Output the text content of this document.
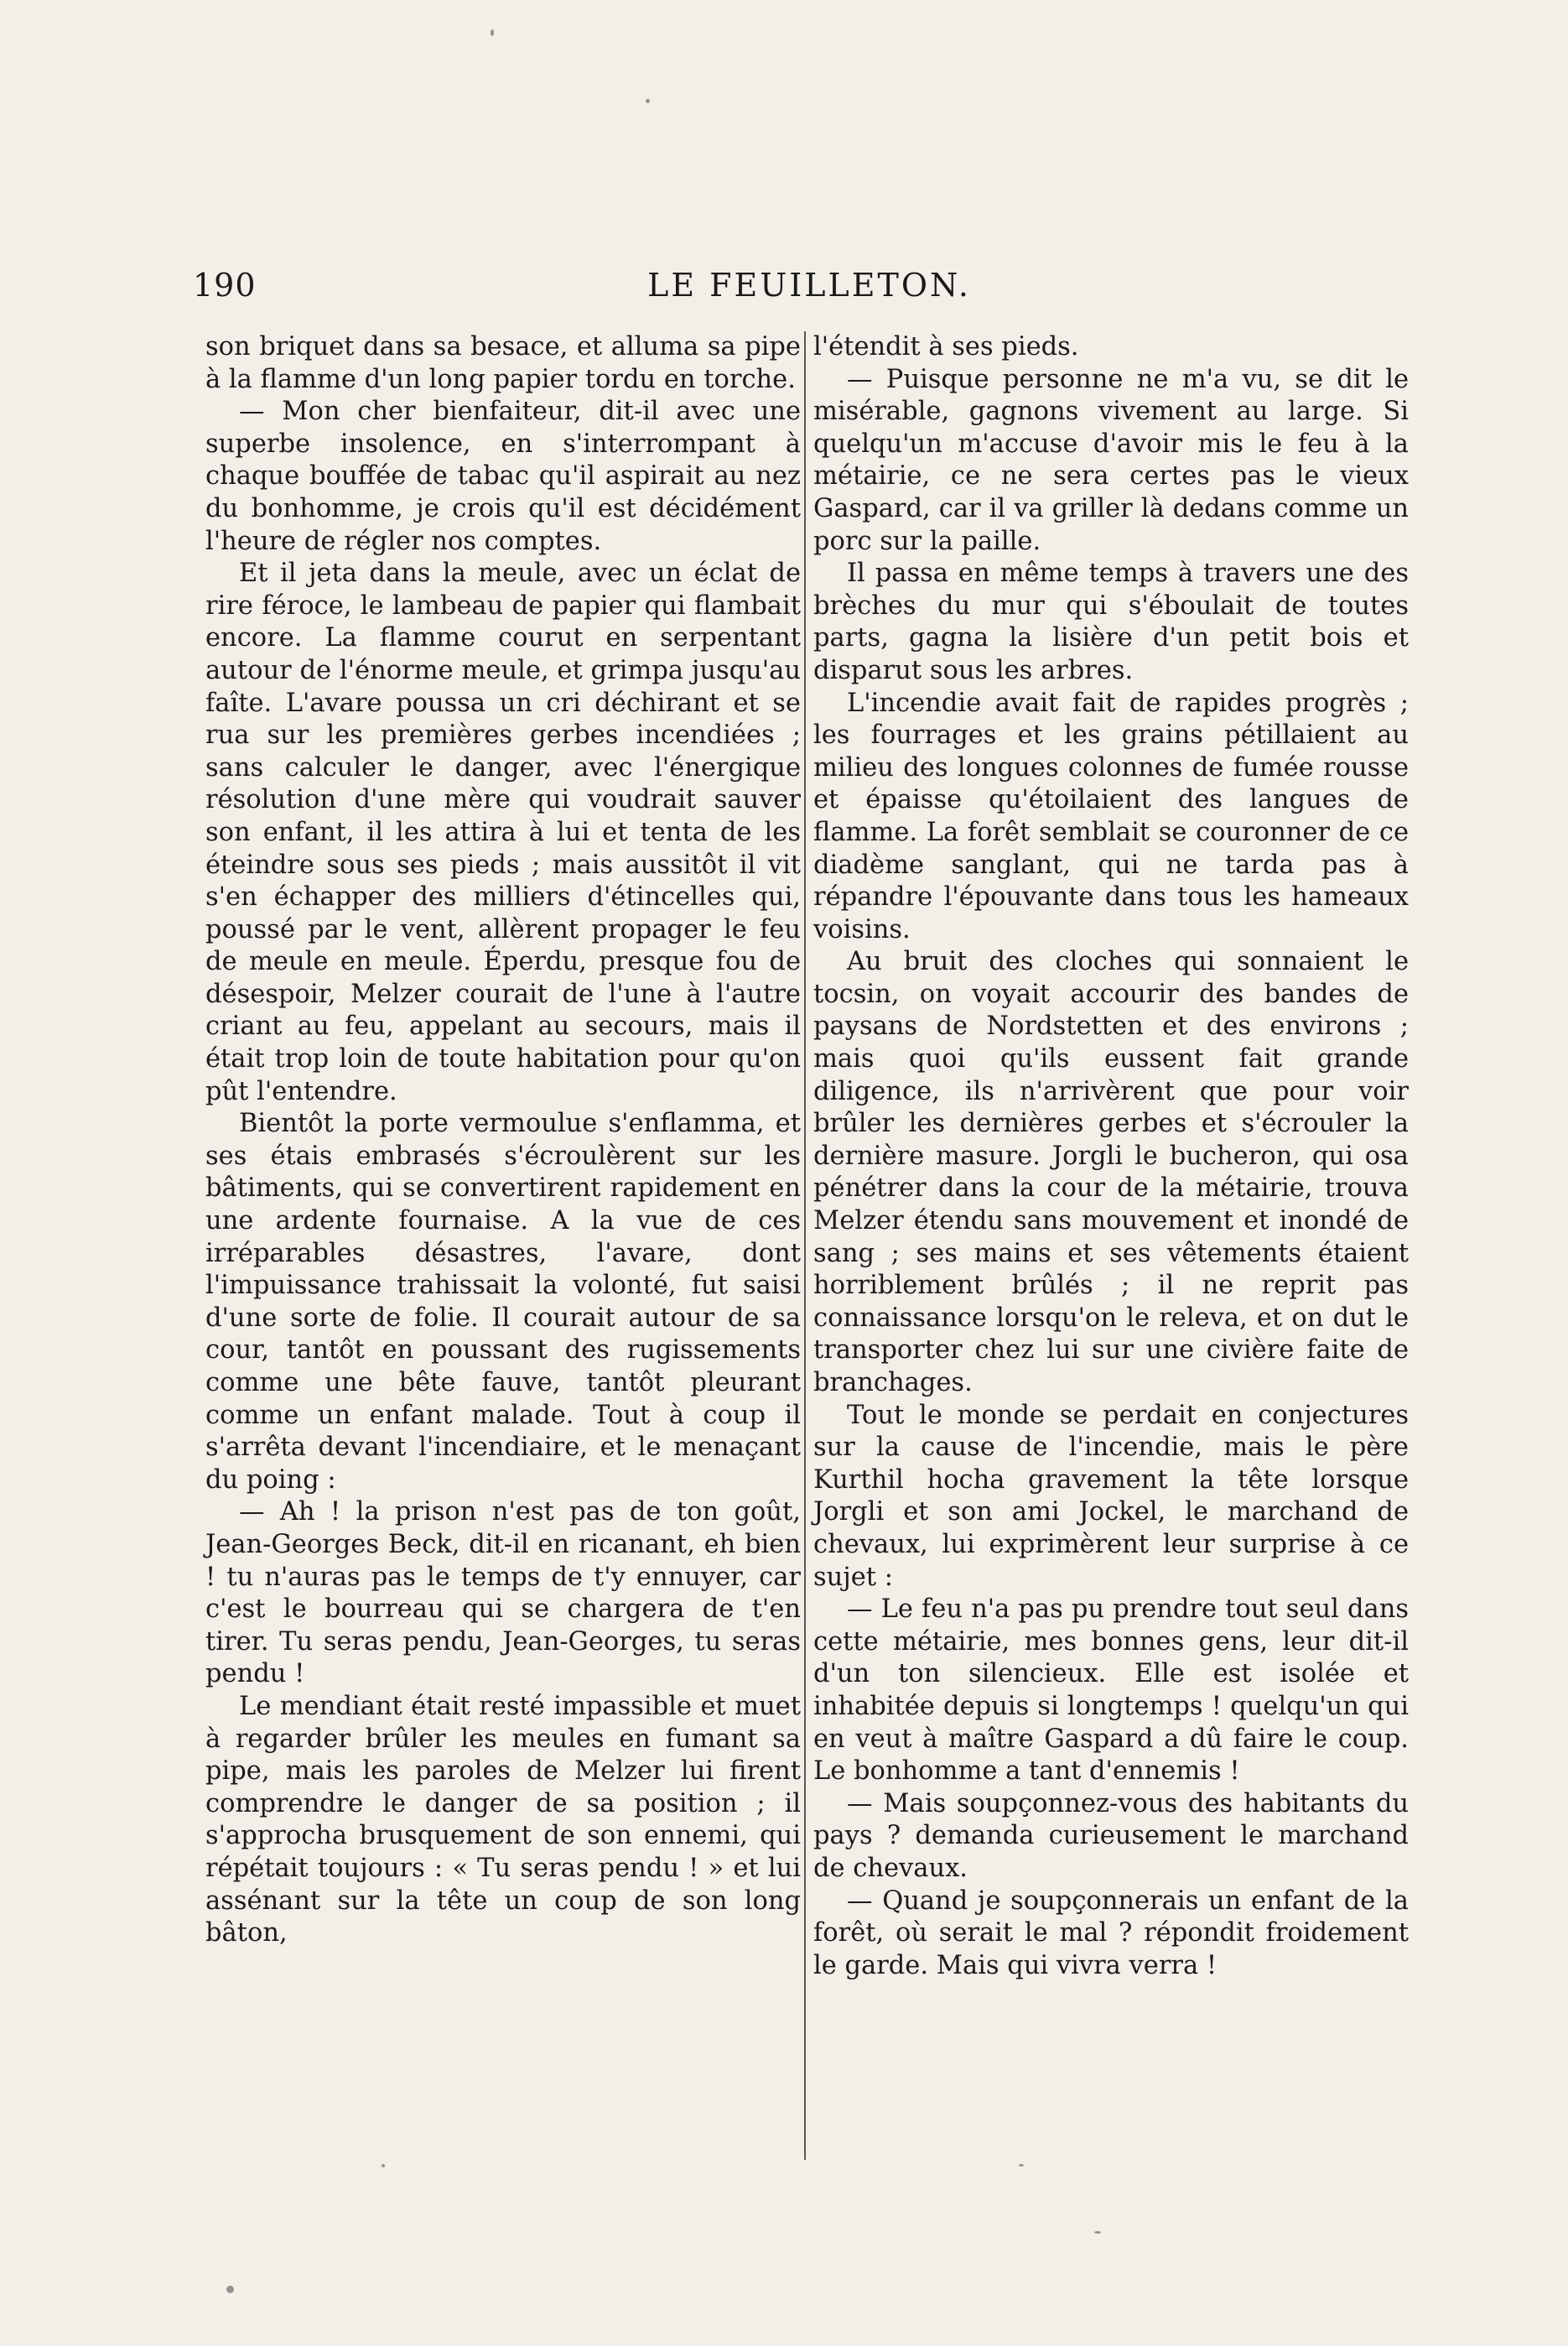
190	LE FEUILLETON.

son briquet dans sa besace, et alluma sa pipe à la flamme d'un long papier tordu en torche.

— Mon cher bienfaiteur, dit-il avec une superbe insolence, en s'interrompant à chaque bouffée de tabac qu'il aspirait au nez du bonhomme, je crois qu'il est décidément l'heure de régler nos comptes.

Et il jeta dans la meule, avec un éclat de rire féroce, le lambeau de papier qui flambait encore. La flamme courut en serpentant autour de l'énorme meule, et grimpa jusqu'au faîte. L'avare poussa un cri déchirant et se rua sur les premières gerbes incendiées ; sans calculer le danger, avec l'énergique résolution d'une mère qui voudrait sauver son enfant, il les attira à lui et tenta de les éteindre sous ses pieds ; mais aussitôt il vit s'en échapper des milliers d'étincelles qui, poussé par le vent, allèrent propager le feu de meule en meule. Éperdu, presque fou de désespoir, Melzer courait de l'une à l'autre criant au feu, appelant au secours, mais il était trop loin de toute habitation pour qu'on pût l'entendre.

Bientôt la porte vermoulue s'enflamma, et ses étais embrasés s'écroulèrent sur les bâtiments, qui se convertirent rapidement en une ardente fournaise. A la vue de ces irréparables désastres, l'avare, dont l'impuissance trahissait la volonté, fut saisi d'une sorte de folie. Il courait autour de sa cour, tantôt en poussant des rugissements comme une bête fauve, tantôt pleurant comme un enfant malade. Tout à coup il s'arrêta devant l'incendiaire, et le menaçant du poing :

— Ah ! la prison n'est pas de ton goût, Jean-Georges Beck, dit-il en ricanant, eh bien ! tu n'auras pas le temps de t'y ennuyer, car c'est le bourreau qui se chargera de t'en tirer. Tu seras pendu, Jean-Georges, tu seras pendu !

Le mendiant était resté impassible et muet à regarder brûler les meules en fumant sa pipe, mais les paroles de Melzer lui firent comprendre le danger de sa position ; il s'approcha brusquement de son ennemi, qui répétait toujours : « Tu seras pendu ! » et lui assénant sur la tête un coup de son long bâton,

l'étendit à ses pieds.

— Puisque personne ne m'a vu, se dit le misérable, gagnons vivement au large. Si quelqu'un m'accuse d'avoir mis le feu à la métairie, ce ne sera certes pas le vieux Gaspard, car il va griller là dedans comme un porc sur la paille.

Il passa en même temps à travers une des brèches du mur qui s'éboulait de toutes parts, gagna la lisière d'un petit bois et disparut sous les arbres.

L'incendie avait fait de rapides progrès ; les fourrages et les grains pétillaient au milieu des longues colonnes de fumée rousse et épaisse qu'étoilaient des langues de flamme. La forêt semblait se couronner de ce diadème sanglant, qui ne tarda pas à répandre l'épouvante dans tous les hameaux voisins.

Au bruit des cloches qui sonnaient le tocsin, on voyait accourir des bandes de paysans de Nordstetten et des environs ; mais quoi qu'ils eussent fait grande diligence, ils n'arrivèrent que pour voir brûler les dernières gerbes et s'écrouler la dernière masure. Jorgli le bucheron, qui osa pénétrer dans la cour de la métairie, trouva Melzer étendu sans mouvement et inondé de sang ; ses mains et ses vêtements étaient horriblement brûlés ; il ne reprit pas connaissance lorsqu'on le releva, et on dut le transporter chez lui sur une civière faite de branchages.

Tout le monde se perdait en conjectures sur la cause de l'incendie, mais le père Kurthil hocha gravement la tête lorsque Jorgli et son ami Jockel, le marchand de chevaux, lui exprimèrent leur surprise à ce sujet :

— Le feu n'a pas pu prendre tout seul dans cette métairie, mes bonnes gens, leur dit-il d'un ton silencieux. Elle est isolée et inhabitée depuis si longtemps ! quelqu'un qui en veut à maître Gaspard a dû faire le coup. Le bonhomme a tant d'ennemis !

— Mais soupçonnez-vous des habitants du pays ? demanda curieusement le marchand de chevaux.

— Quand je soupçonnerais un enfant de la forêt, où serait le mal ? répondit froidement le garde. Mais qui vivra verra !
